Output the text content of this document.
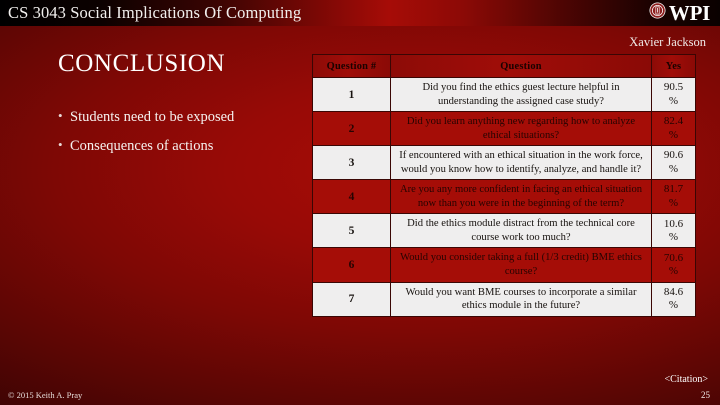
CS 3043 Social Implications Of Computing	WPI
Xavier Jackson
CONCLUSION
• Students need to be exposed
• Consequences of actions
Question #	Question	Yes
1	Did you find the ethics guest lecture helpful in understanding the assigned case study?	90.5
%

2	Did you learn anything new regarding how to analyze ethical situations?	82.4
%

3	If encountered with an ethical situation in the work force, would you know how to identify, analyze, and handle it?	90.6
%

4	Are you any more confident in facing an ethical situation now than you were in the beginning of the term?	81.7
%

5	Did the ethics module distract from the technical core course work too much?	10.6
%

6	Would you consider taking a full (1/3 credit) BME ethics course?	70.6
%

7	Would you want BME courses to incorporate a similar ethics module in the future?	84.6
%
<Citation>
© 2015 Keith A. Pray	25
